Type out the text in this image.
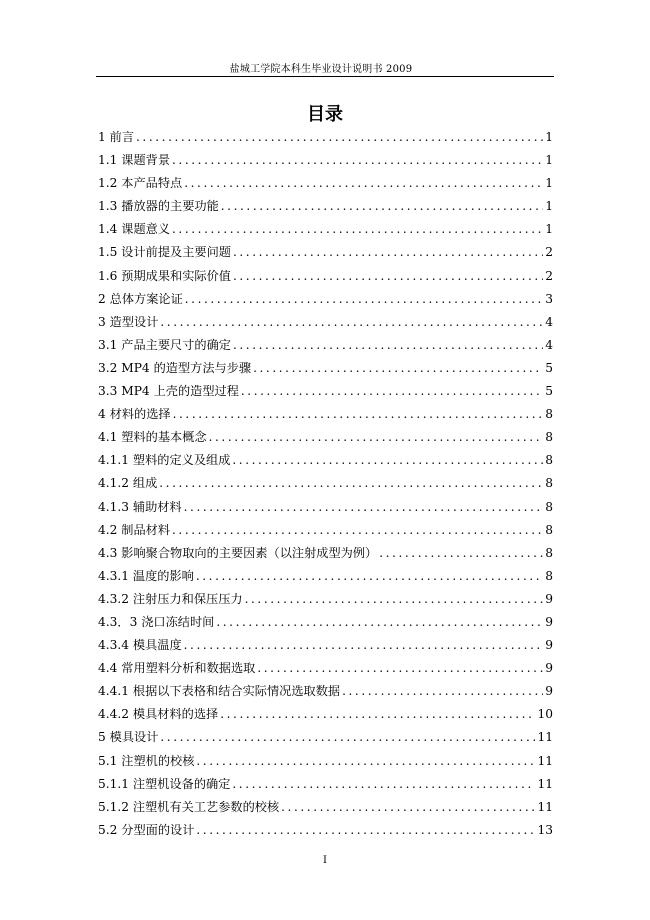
盐城工学院本科生毕业设计说明书 2009
目录
1 前言 .....	1
1.1 课题背景 .....	1
1.2 本产品特点 .....	1
1.3 播放器的主要功能 .....	1
1.4 课题意义 .....	1
1.5 设计前提及主要问题 .....	2
1.6 预期成果和实际价值 .....	2
2 总体方案论证 .....	3
3 造型设计 .....	4
3.1 产品主要尺寸的确定 .....	4
3.2 MP4 的造型方法与步骤 .....	5
3.3 MP4 上壳的造型过程 .....	5
4 材料的选择 .....	8
4.1 塑料的基本概念 .....	8
4.1.1 塑料的定义及组成 .....	8
4.1.2 组成 .....	8
4.1.3 辅助材料 .....	8
4.2 制品材料 .....	8
4.3 影响聚合物取向的主要因素（以注射成型为例） .....	8
4.3.1 温度的影响 .....	8
4.3.2 注射压力和保压压力 .....	9
4.3．3 浇口冻结时间 .....	9
4.3.4 模具温度 .....	9
4.4 常用塑料分析和数据选取 .....	9
4.4.1 根据以下表格和结合实际情况选取数据 .....	9
4.4.2 模具材料的选择 .....	10
5 模具设计 .....	11
5.1 注塑机的校核 .....	11
5.1.1 注塑机设备的确定 .....	11
5.1.2 注塑机有关工艺参数的校核 .....	11
5.2 分型面的设计 .....	13
I
